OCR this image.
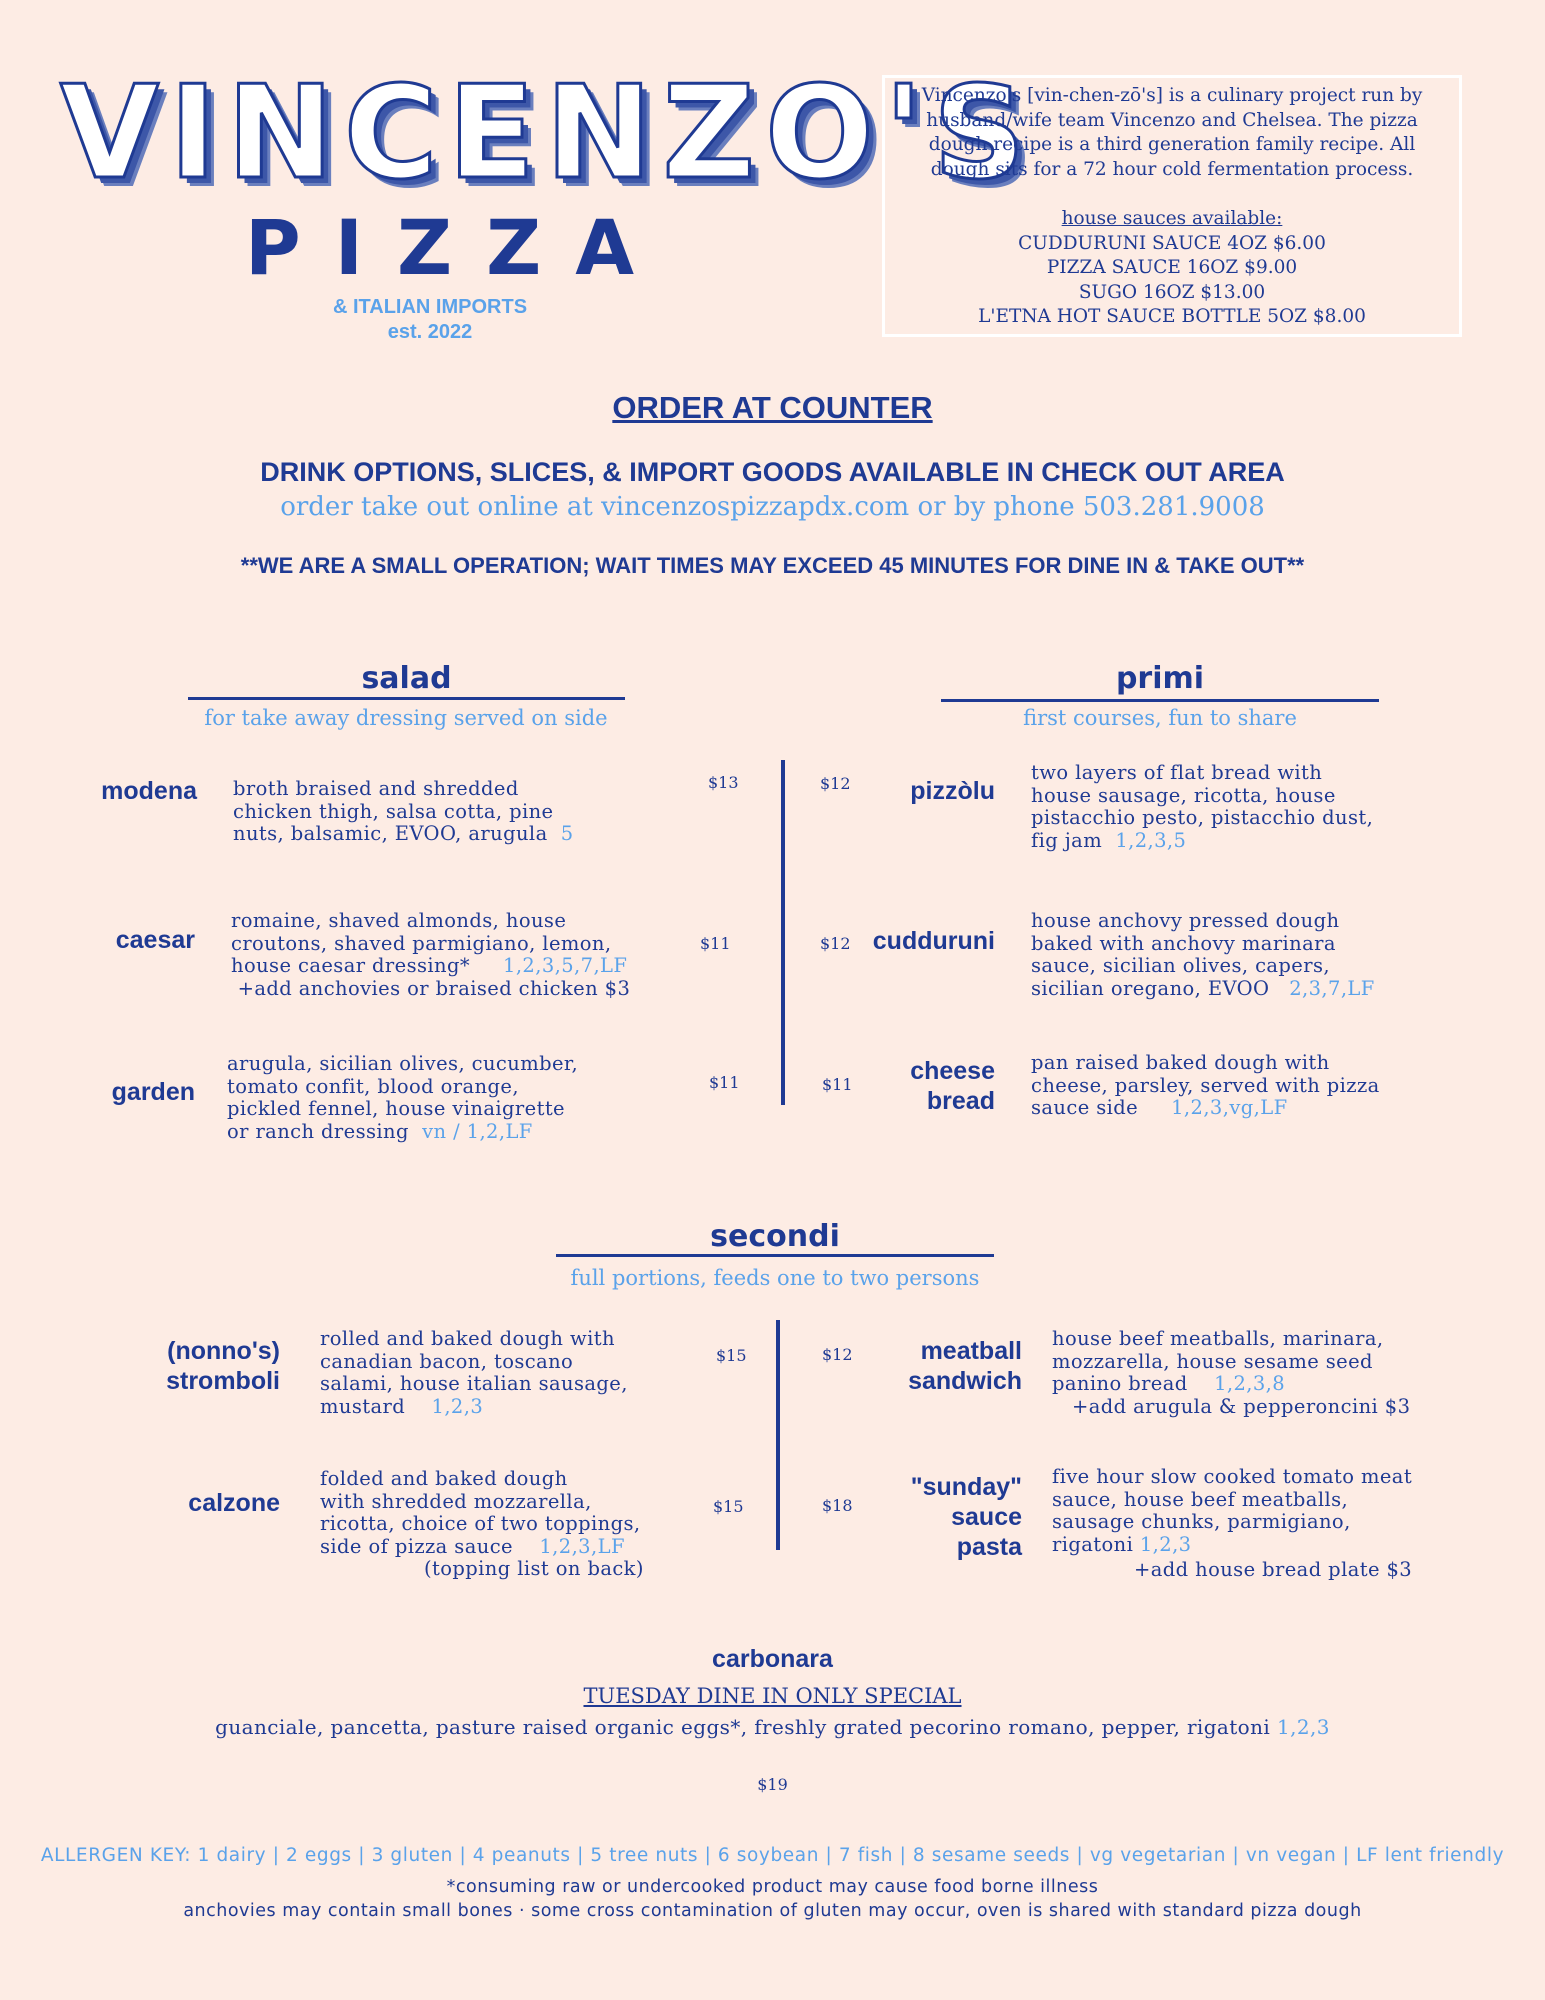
VINCENZO'S
PIZZA
& ITALIAN IMPORTS
est. 2022
Vincenzo's [vin-chen-zō's] is a culinary project run by husband/wife team Vincenzo and Chelsea. The pizza dough recipe is a third generation family recipe. All dough sits for a 72 hour cold fermentation process.
house sauces available:
CUDDURUNI SAUCE 4OZ $6.00
PIZZA SAUCE 16OZ $9.00
SUGO 16OZ $13.00
L'ETNA HOT SAUCE BOTTLE 5OZ $8.00
ORDER AT COUNTER
DRINK OPTIONS, SLICES, & IMPORT GOODS AVAILABLE IN CHECK OUT AREA
order take out online at vincenzospizzapdx.com or by phone 503.281.9008
**WE ARE A SMALL OPERATION; WAIT TIMES MAY EXCEED 45 MINUTES FOR DINE IN & TAKE OUT**
salad
for take away dressing served on side
primi
first courses, fun to share
modena broth braised and shredded
chicken thigh, salsa cotta, pine
nuts, balsamic, EVOO, arugula 5
$13
caesar
romaine, shaved almonds, house
croutons, shaved parmigiano, lemon,
house caesar dressing* 1,2,3,5,7,LF
+add anchovies or braised chicken $3
$11
garden
arugula, sicilian olives, cucumber,
tomato confit, blood orange,
pickled fennel, house vinaigrette
or ranch dressing vn / 1,2,LF
$11
$12	pizzòlu
two layers of flat bread with
house sausage, ricotta, house
pistacchio pesto, pistacchio dust,
fig jam 1,2,3,5
$12 cudduruni
house anchovy pressed dough
baked with anchovy marinara
sauce, sicilian olives, capers,
sicilian oregano, EVOO 2,3,7,LF
$11	cheese
bread
pan raised baked dough with
cheese, parsley, served with pizza
sauce side 1,2,3,vg,LF
secondi
full portions, feeds one to two persons
(nonno's)
stromboli
rolled and baked dough with
canadian bacon, toscano
salami, house italian sausage,
mustard 1,2,3
$15
calzone
folded and baked dough
with shredded mozzarella,
ricotta, choice of two toppings,
side of pizza sauce 1,2,3,LF
(topping list on back)
$15
$12	meatball
sandwich
house beef meatballs, marinara,
mozzarella, house sesame seed
panino bread 1,2,3,8
+add arugula & pepperoncini $3
$18
"sunday"
sauce
pasta
five hour slow cooked tomato meat
sauce, house beef meatballs,
sausage chunks, parmigiano,
rigatoni 1,2,3
+add house bread plate $3
carbonara
TUESDAY DINE IN ONLY SPECIAL
guanciale, pancetta, pasture raised organic eggs*, freshly grated pecorino romano, pepper, rigatoni 1,2,3
$19
ALLERGEN KEY: 1 dairy | 2 eggs | 3 gluten | 4 peanuts | 5 tree nuts | 6 soybean | 7 fish | 8 sesame seeds | vg vegetarian | vn vegan | LF lent friendly
*consuming raw or undercooked product may cause food borne illness
anchovies may contain small bones · some cross contamination of gluten may occur, oven is shared with standard pizza dough
